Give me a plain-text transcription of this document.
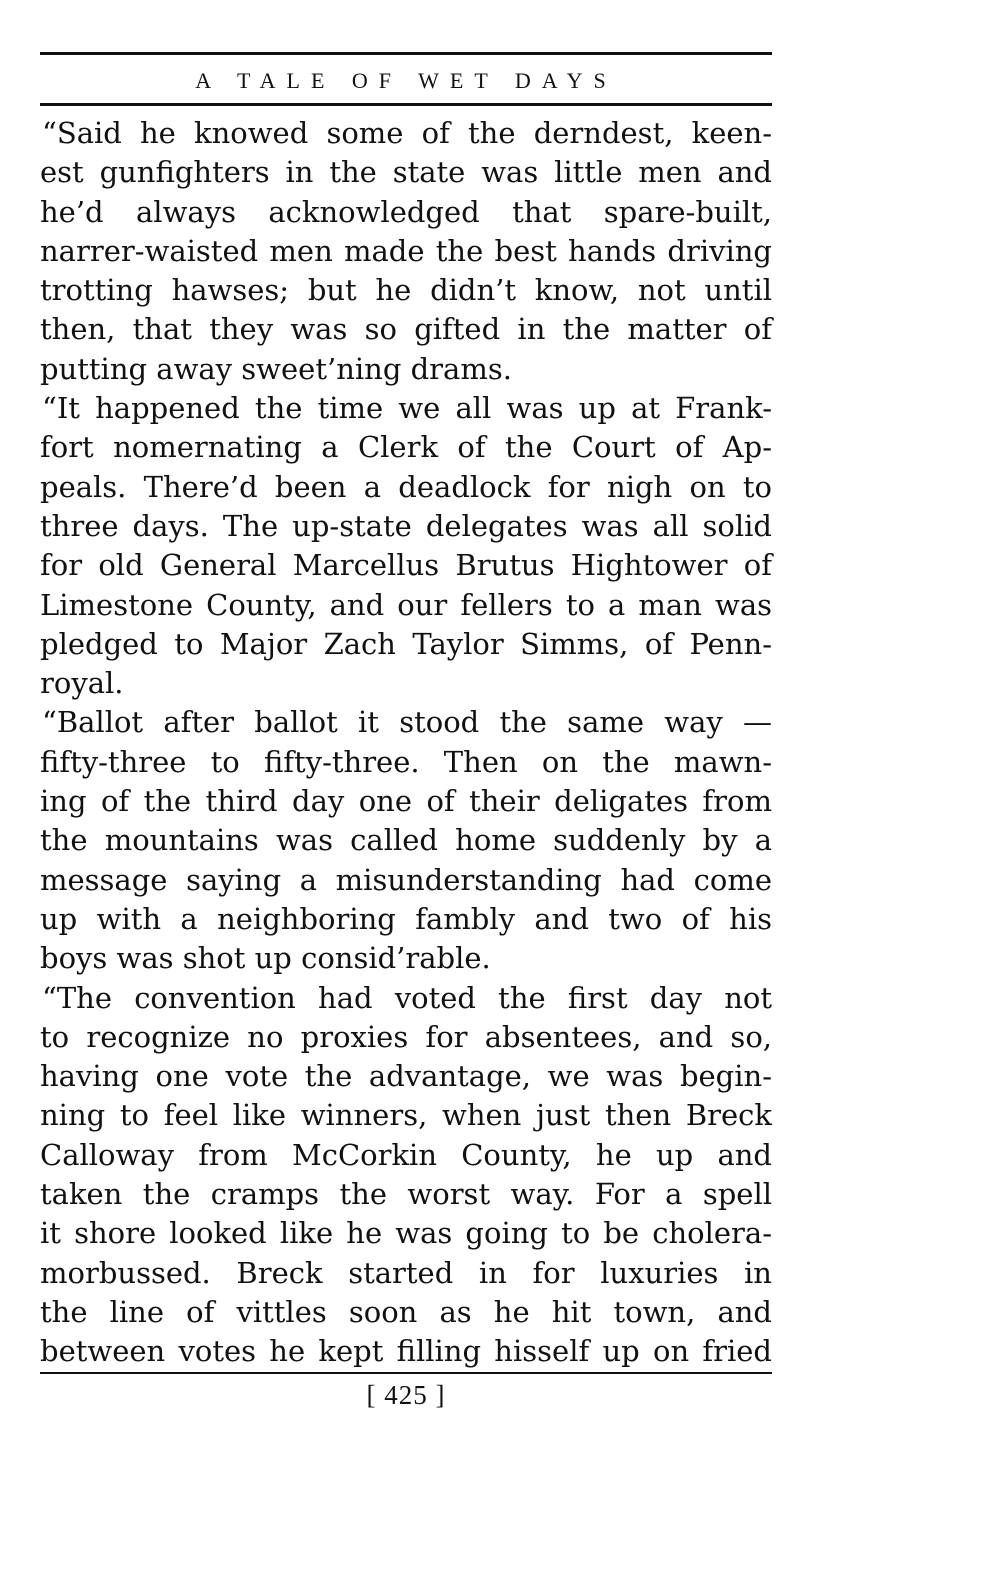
A TALE OF WET DAYS
“Said he knowed some of the derndest, keen-
est gunfighters in the state was little men and
he’d always acknowledged that spare-built,
narrer-waisted men made the best hands driving
trotting hawses; but he didn’t know, not until
then, that they was so gifted in the matter of
putting away sweet’ning drams.
“It happened the time we all was up at Frank-
fort nomernating a Clerk of the Court of Ap-
peals. There’d been a deadlock for nigh on to
three days. The up-state delegates was all solid
for old General Marcellus Brutus Hightower of
Limestone County, and our fellers to a man was
pledged to Major Zach Taylor Simms, of Penn-
royal.
“Ballot after ballot it stood the same way —
fifty-three to fifty-three. Then on the mawn-
ing of the third day one of their deligates from
the mountains was called home suddenly by a
message saying a misunderstanding had come
up with a neighboring fambly and two of his
boys was shot up consid’rable.
“The convention had voted the first day not
to recognize no proxies for absentees, and so,
having one vote the advantage, we was begin-
ning to feel like winners, when just then Breck
Calloway from McCorkin County, he up and
taken the cramps the worst way. For a spell
it shore looked like he was going to be cholera-
morbussed. Breck started in for luxuries in
the line of vittles soon as he hit town, and
between votes he kept filling hisself up on fried
[ 425 ]
